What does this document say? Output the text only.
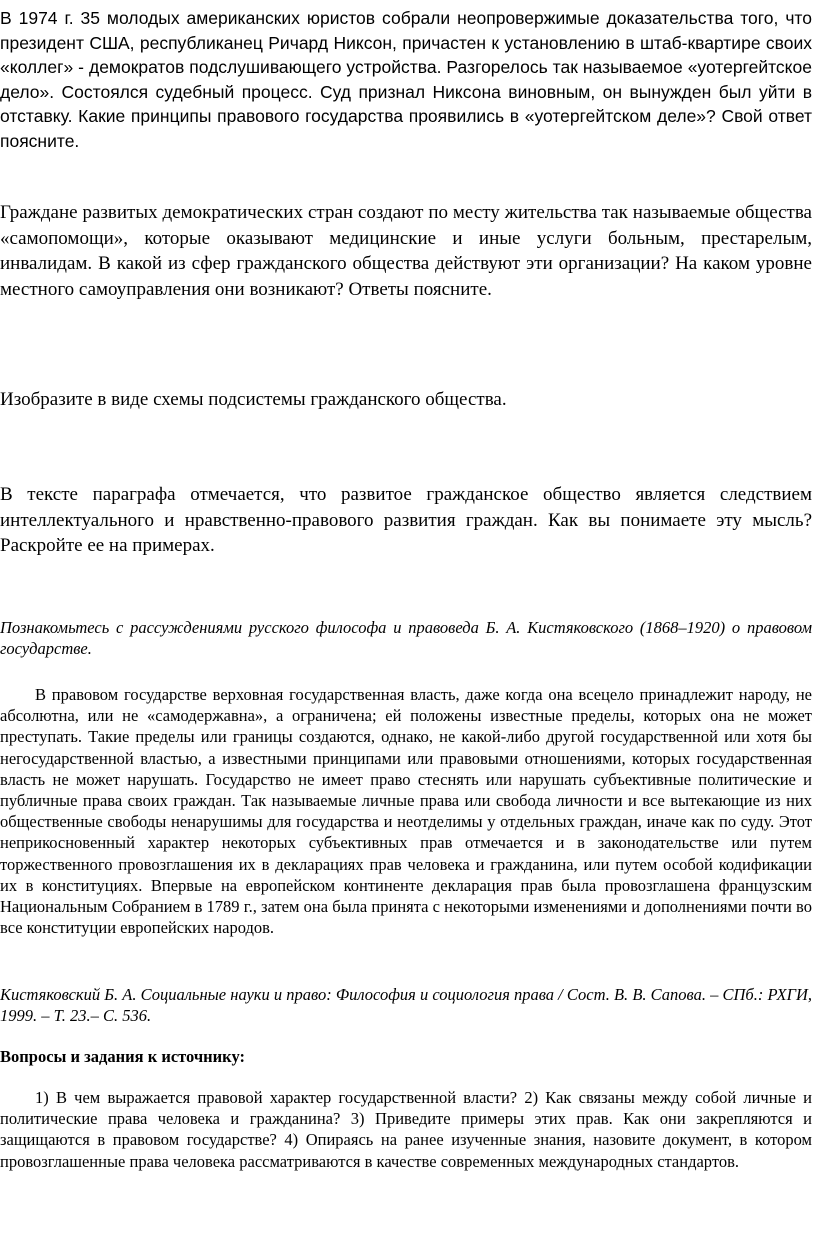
В 1974 г. 35 молодых американских юристов собрали неопровержимые доказательства того, что президент США, республиканец Ричард Никсон, причастен к установлению в штаб-квартире своих «коллег» - демократов подслушивающего устройства. Разгорелось так называемое «уотергейтское дело». Состоялся судебный процесс. Суд признал Никсона виновным, он вынужден был уйти в отставку. Какие принципы правового государства проявились в «уотергейтском деле»? Свой ответ поясните.

Граждане развитых демократических стран создают по месту жительства так называемые общества «самопомощи», которые оказывают медицинские и иные услуги больным, престарелым, инвалидам. В какой из сфер гражданского общества действуют эти организации? На каком уровне местного самоуправления они возникают? Ответы поясните.

Изобразите в виде схемы подсистемы гражданского общества.

В тексте параграфа отмечается, что развитое гражданское общество является следствием интеллектуального и нравственно-правового развития граждан. Как вы понимаете эту мысль? Раскройте ее на примерах.

Познакомьтесь с рассуждениями русского философа и правоведа Б. А. Кистяковского (1868–1920) о правовом государстве.

В правовом государстве верховная государственная власть, даже когда она всецело принадлежит народу, не абсолютна, или не «самодержавна», а ограничена; ей положены известные пределы, которых она не может преступать. Такие пределы или границы создаются, однако, не какой-либо другой государственной или хотя бы негосударственной властью, а известными принципами или правовыми отношениями, которых государственная власть не может нарушать. Государство не имеет право стеснять или нарушать субъективные политические и публичные права своих граждан. Так называемые личные права или свобода личности и все вытекающие из них общественные свободы ненарушимы для государства и неотделимы у отдельных граждан, иначе как по суду. Этот неприкосновенный характер некоторых субъективных прав отмечается и в законодательстве или путем торжественного провозглашения их в декларациях прав человека и гражданина, или путем особой кодификации их в конституциях. Впервые на европейском континенте декларация прав была провозглашена французским Национальным Собранием в 1789 г., затем она была принята с некоторыми изменениями и дополнениями почти во все конституции европейских народов.

Кистяковский Б. А. Социальные науки и право: Философия и социология права / Сост. В. В. Сапова. – СПб.: РХГИ, 1999. – Т. 23.– С. 536.

Вопросы и задания к источнику:

1) В чем выражается правовой характер государственной власти? 2) Как связаны между собой личные и политические права человека и гражданина? 3) Приведите примеры этих прав. Как они закрепляются и защищаются в правовом государстве? 4) Опираясь на ранее изученные знания, назовите документ, в котором провозглашенные права человека рассматриваются в качестве современных международных стандартов.
